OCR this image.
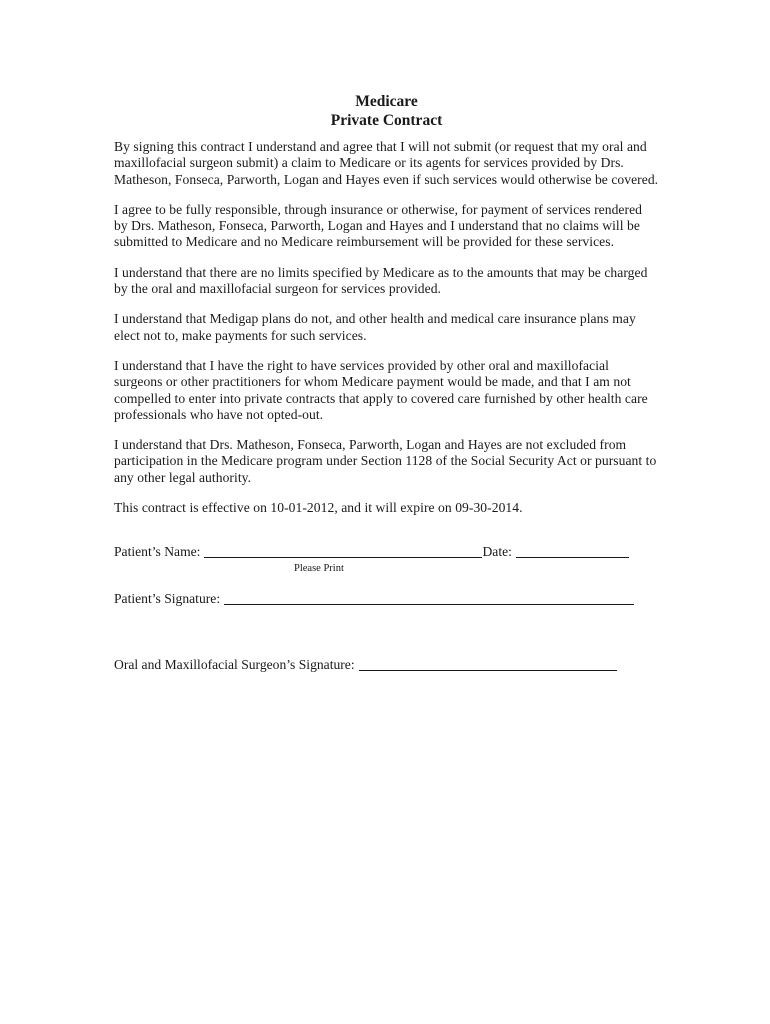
Medicare

Private Contract

By signing this contract I understand and agree that I will not submit (or request that my oral and maxillofacial surgeon submit) a claim to Medicare or its agents for services provided by Drs. Matheson, Fonseca, Parworth, Logan and Hayes even if such services would otherwise be covered.

I agree to be fully responsible, through insurance or otherwise, for payment of services rendered by Drs. Matheson, Fonseca, Parworth, Logan and Hayes and I understand that no claims will be submitted to Medicare and no Medicare reimbursement will be provided for these services.

I understand that there are no limits specified by Medicare as to the amounts that may be charged by the oral and maxillofacial surgeon for services provided.

I understand that Medigap plans do not, and other health and medical care insurance plans may elect not to, make payments for such services.

I understand that I have the right to have services provided by other oral and maxillofacial surgeons or other practitioners for whom Medicare payment would be made, and that I am not compelled to enter into private contracts that apply to covered care furnished by other health care professionals who have not opted-out.

I understand that Drs. Matheson, Fonseca, Parworth, Logan and Hayes are not excluded from participation in the Medicare program under Section 1128 of the Social Security Act or pursuant to any other legal authority.

This contract is effective on 10-01-2012, and it will expire on 09-30-2014.

Patient’s Name:	Date:
Please Print
Patient’s Signature:
Oral and Maxillofacial Surgeon’s Signature:
